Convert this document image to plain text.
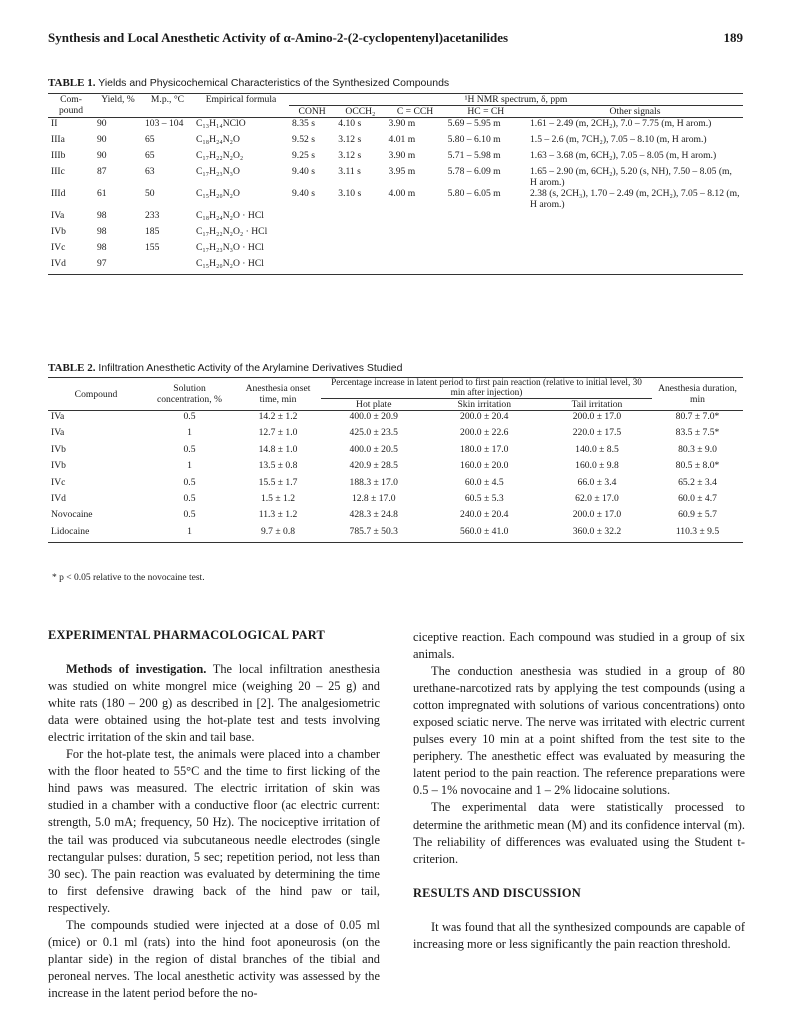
Synthesis and Local Anesthetic Activity of α-Amino-2-(2-cyclopentenyl)acetanilides	189
TABLE 1. Yields and Physicochemical Characteristics of the Synthesized Compounds
Com-pound	Yield, %	M.p., °C	Empirical formula	¹H NMR spectrum, δ, ppm				
				CONH	OCCH₂	C = CCH	HC = CH	Other signals
II	90	103 – 104	C₁₃H₁₄NClO	8.35 s	4.10 s	3.90 m	5.69 – 5.95 m	1.61 – 2.49 (m, 2CH₂), 7.0 – 7.75 (m, H arom.)
IIIa	90	65	C₁₈H₂₄N₂O	9.52 s	3.12 s	4.01 m	5.80 – 6.10 m	1.5 – 2.6 (m, 7CH₂), 7.05 – 8.10 (m, H arom.)
IIIb	90	65	C₁₇H₂₂N₂O₂	9.25 s	3.12 s	3.90 m	5.71 – 5.98 m	1.63 – 3.68 (m, 6CH₂), 7.05 – 8.05 (m, H arom.)
IIIc	87	63	C₁₇H₂₃N₃O	9.40 s	3.11 s	3.95 m	5.78 – 6.09 m	1.65 – 2.90 (m, 6CH₂), 5.20 (s, NH), 7.50 – 8.05 (m, H arom.)
IIId	61	50	C₁₅H₂₀N₂O	9.40 s	3.10 s	4.00 m	5.80 – 6.05 m	2.38 (s, 2CH₃), 1.70 – 2.49 (m, 2CH₂), 7.05 – 8.12 (m, H arom.)
IVa	98	233	C₁₈H₂₄N₂O · HCl					
IVb	98	185	C₁₇H₂₂N₂O₂ · HCl					
IVc	98	155	C₁₇H₂₃N₃O · HCl					
IVd	97		C₁₅H₂₀N₂O · HCl					
TABLE 2. Infiltration Anesthetic Activity of the Arylamine Derivatives Studied
Compound	Solution concentration, %	Anesthesia onset time, min	Percentage increase in latent period to first pain reaction (relative to initial level, 30 min after injection)			Anesthesia duration, min
			Hot plate	Skin irritation	Tail irritation	
IVa	0.5	14.2 ± 1.2	400.0 ± 20.9	200.0 ± 20.4	200.0 ± 17.0	80.7 ± 7.0*
IVa	1	12.7 ± 1.0	425.0 ± 23.5	200.0 ± 22.6	220.0 ± 17.5	83.5 ± 7.5*
IVb	0.5	14.8 ± 1.0	400.0 ± 20.5	180.0 ± 17.0	140.0 ± 8.5	80.3 ± 9.0
IVb	1	13.5 ± 0.8	420.9 ± 28.5	160.0 ± 20.0	160.0 ± 9.8	80.5 ± 8.0*
IVc	0.5	15.5 ± 1.7	188.3 ± 17.0	60.0 ± 4.5	66.0 ± 3.4	65.2 ± 3.4
IVd	0.5	1.5 ± 1.2	12.8 ± 17.0	60.5 ± 5.3	62.0 ± 17.0	60.0 ± 4.7
Novocaine	0.5	11.3 ± 1.2	428.3 ± 24.8	240.0 ± 20.4	200.0 ± 17.0	60.9 ± 5.7
Lidocaine	1	9.7 ± 0.8	785.7 ± 50.3	560.0 ± 41.0	360.0 ± 32.2	110.3 ± 9.5
* p < 0.05 relative to the novocaine test.
EXPERIMENTAL PHARMACOLOGICAL PART

Methods of investigation. The local infiltration anesthesia was studied on white mongrel mice (weighing 20 – 25 g) and white rats (180 – 200 g) as described in [2]. The analgesiometric data were obtained using the hot-plate test and tests involving electric irritation of the skin and tail base.

For the hot-plate test, the animals were placed into a chamber with the floor heated to 55°C and the time to first licking of the hind paws was measured. The electric irritation of skin was studied in a chamber with a conductive floor (ac electric current: strength, 5.0 mA; frequency, 50 Hz). The nociceptive irritation of the tail was produced via subcutaneous needle electrodes (single rectangular pulses: duration, 5 sec; repetition period, not less than 30 sec). The pain reaction was evaluated by determining the time to first defensive drawing back of the hind paw or tail, respectively.

The compounds studied were injected at a dose of 0.05 ml (mice) or 0.1 ml (rats) into the hind foot aponeurosis (on the plantar side) in the region of distal branches of the tibial and peroneal nerves. The local anesthetic activity was assessed by the increase in the latent period before the no-

ciceptive reaction. Each compound was studied in a group of six animals.

The conduction anesthesia was studied in a group of 80 urethane-narcotized rats by applying the test compounds (using a cotton impregnated with solutions of various concentrations) onto exposed sciatic nerve. The nerve was irritated with electric current pulses every 10 min at a point shifted from the test site to the periphery. The anesthetic effect was evaluated by measuring the latent period to the pain reaction. The reference preparations were 0.5 – 1% novocaine and 1 – 2% lidocaine solutions.

The experimental data were statistically processed to determine the arithmetic mean (M) and its confidence interval (m). The reliability of differences was evaluated using the Student t-criterion.

RESULTS AND DISCUSSION

It was found that all the synthesized compounds are capable of increasing more or less significantly the pain reaction threshold.
